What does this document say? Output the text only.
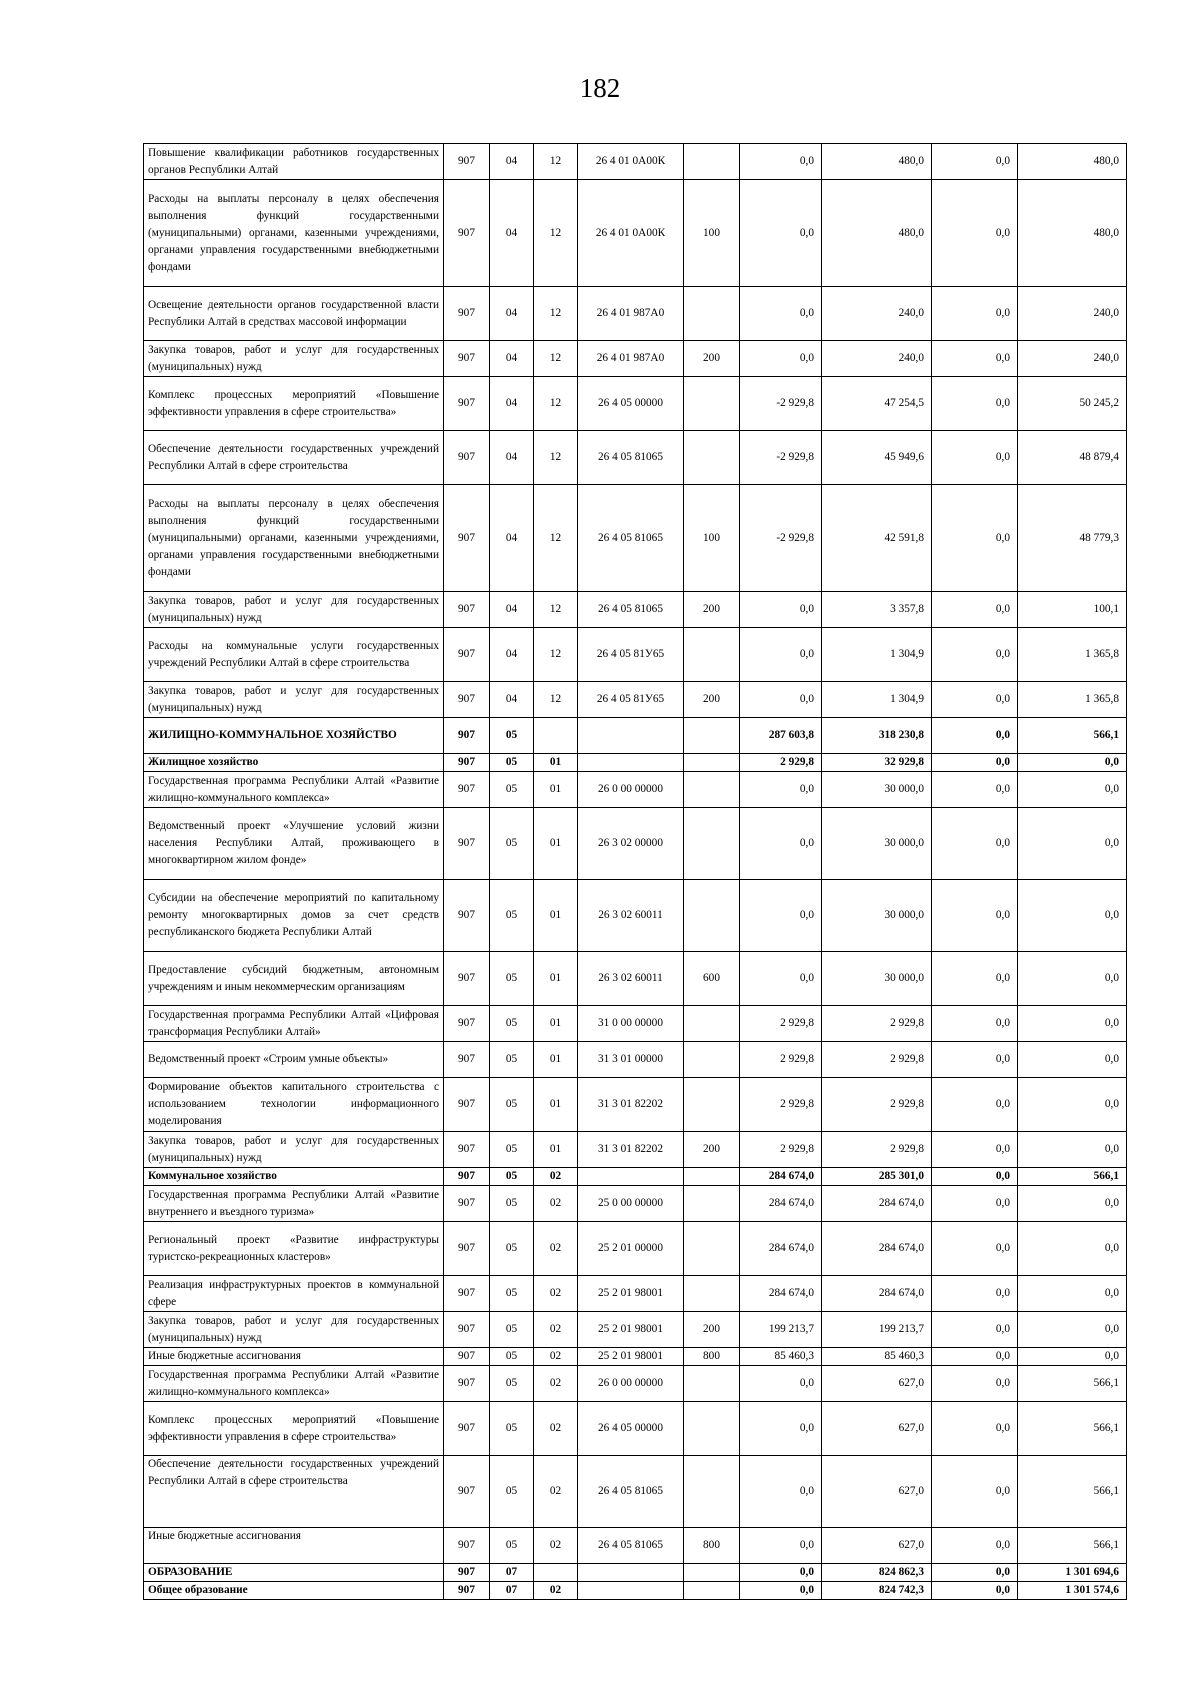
182
Повышение квалификации работников государственных органов Республики Алтай	907	04	12	26 4 01 0А00К		0,0	480,0	0,0	480,0
Расходы на выплаты персоналу в целях обеспечения выполнения функций государственными (муниципальными) органами, казенными учреждениями, органами управления государственными внебюджетными фондами	907	04	12	26 4 01 0А00К	100	0,0	480,0	0,0	480,0
Освещение деятельности органов государственной власти Республики Алтай в средствах массовой информации	907	04	12	26 4 01 987А0		0,0	240,0	0,0	240,0
Закупка товаров, работ и услуг для государственных (муниципальных) нужд	907	04	12	26 4 01 987А0	200	0,0	240,0	0,0	240,0
Комплекс процессных мероприятий «Повышение эффективности управления в сфере строительства»	907	04	12	26 4 05 00000		-2 929,8	47 254,5	0,0	50 245,2
Обеспечение деятельности государственных учреждений Республики Алтай в сфере строительства	907	04	12	26 4 05 81065		-2 929,8	45 949,6	0,0	48 879,4
Расходы на выплаты персоналу в целях обеспечения выполнения функций государственными (муниципальными) органами, казенными учреждениями, органами управления государственными внебюджетными фондами	907	04	12	26 4 05 81065	100	-2 929,8	42 591,8	0,0	48 779,3
Закупка товаров, работ и услуг для государственных (муниципальных) нужд	907	04	12	26 4 05 81065	200	0,0	3 357,8	0,0	100,1
Расходы на коммунальные услуги государственных учреждений Республики Алтай в сфере строительства	907	04	12	26 4 05 81У65		0,0	1 304,9	0,0	1 365,8
Закупка товаров, работ и услуг для государственных (муниципальных) нужд	907	04	12	26 4 05 81У65	200	0,0	1 304,9	0,0	1 365,8
ЖИЛИЩНО-КОММУНАЛЬНОЕ ХОЗЯЙСТВО	907	05				287 603,8	318 230,8	0,0	566,1
Жилищное хозяйство	907	05	01			2 929,8	32 929,8	0,0	0,0
Государственная программа Республики Алтай «Развитие жилищно-коммунального комплекса»	907	05	01	26 0 00 00000		0,0	30 000,0	0,0	0,0
Ведомственный проект «Улучшение условий жизни населения Республики Алтай, проживающего в многоквартирном жилом фонде»	907	05	01	26 3 02 00000		0,0	30 000,0	0,0	0,0
Субсидии на обеспечение мероприятий по капитальному ремонту многоквартирных домов за счет средств республиканского бюджета Республики Алтай	907	05	01	26 3 02 60011		0,0	30 000,0	0,0	0,0
Предоставление субсидий бюджетным, автономным учреждениям и иным некоммерческим организациям	907	05	01	26 3 02 60011	600	0,0	30 000,0	0,0	0,0
Государственная программа Республики Алтай «Цифровая трансформация Республики Алтай»	907	05	01	31 0 00 00000		2 929,8	2 929,8	0,0	0,0
Ведомственный проект «Строим умные объекты»	907	05	01	31 3 01 00000		2 929,8	2 929,8	0,0	0,0
Формирование объектов капитального строительства с использованием технологии информационного моделирования	907	05	01	31 3 01 82202		2 929,8	2 929,8	0,0	0,0
Закупка товаров, работ и услуг для государственных (муниципальных) нужд	907	05	01	31 3 01 82202	200	2 929,8	2 929,8	0,0	0,0
Коммунальное хозяйство	907	05	02			284 674,0	285 301,0	0,0	566,1
Государственная программа Республики Алтай «Развитие внутреннего и въездного туризма»	907	05	02	25 0 00 00000		284 674,0	284 674,0	0,0	0,0
Региональный проект «Развитие инфраструктуры туристско-рекреационных кластеров»	907	05	02	25 2 01 00000		284 674,0	284 674,0	0,0	0,0
Реализация инфраструктурных проектов в коммунальной сфере	907	05	02	25 2 01 98001		284 674,0	284 674,0	0,0	0,0
Закупка товаров, работ и услуг для государственных (муниципальных) нужд	907	05	02	25 2 01 98001	200	199 213,7	199 213,7	0,0	0,0
Иные бюджетные ассигнования	907	05	02	25 2 01 98001	800	85 460,3	85 460,3	0,0	0,0
Государственная программа Республики Алтай «Развитие жилищно-коммунального комплекса»	907	05	02	26 0 00 00000		0,0	627,0	0,0	566,1
Комплекс процессных мероприятий «Повышение эффективности управления в сфере строительства»	907	05	02	26 4 05 00000		0,0	627,0	0,0	566,1
Обеспечение деятельности государственных учреждений Республики Алтай в сфере строительства	907	05	02	26 4 05 81065		0,0	627,0	0,0	566,1
Иные бюджетные ассигнования	907	05	02	26 4 05 81065	800	0,0	627,0	0,0	566,1
ОБРАЗОВАНИЕ	907	07				0,0	824 862,3	0,0	1 301 694,6
Общее образование	907	07	02			0,0	824 742,3	0,0	1 301 574,6
